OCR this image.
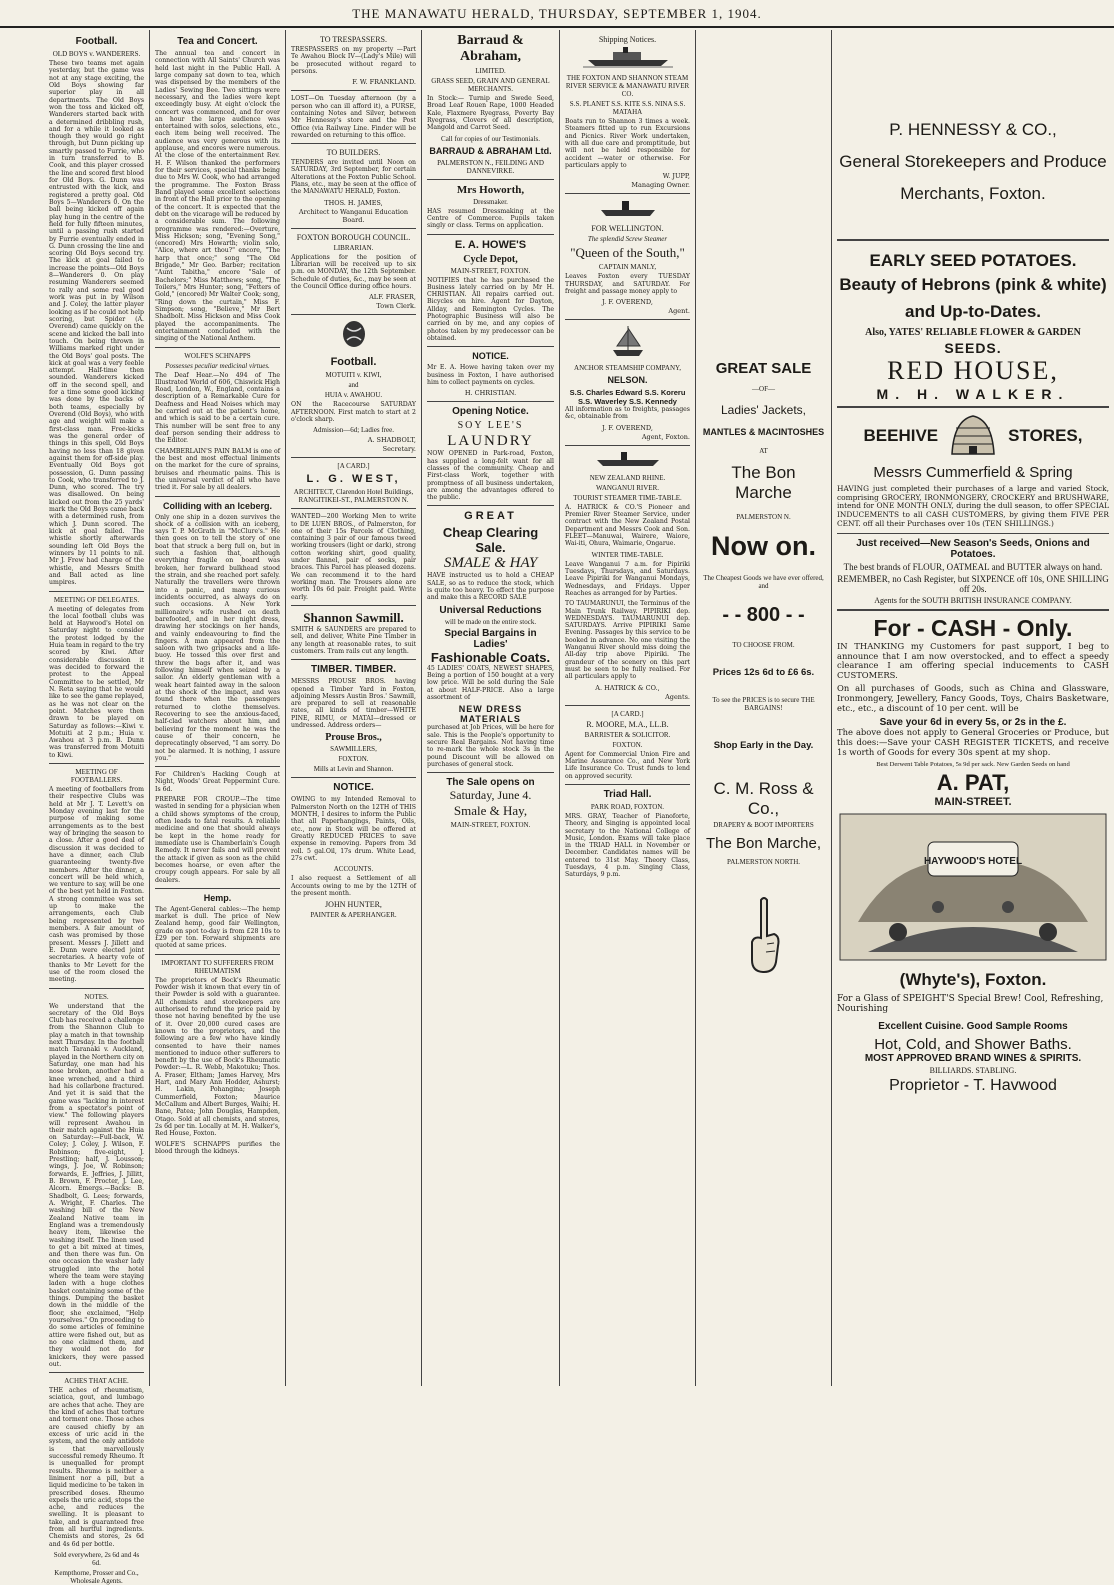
THE MANAWATU HERALD, THURSDAY, SEPTEMBER 1, 1904.
Football.
OLD BOYS v. WANDERERS.
These two teams met again yesterday, but the game was not at any stage exciting, the Old Boys showing far superior play in all departments. The Old Boys won the toss and kicked off, Wanderers started back with a determined dribbling rush, and for a while it looked as though they would go right through, but Dunn picking up smartly passed to Furrie, who in turn transferred to B. Cook, and this player crossed the line and scored first blood for Old Boys. G. Dunn was entrusted with the kick, and registered a pretty goal. Old Boys 5—Wanderers 0. On the ball being kicked off again play hung in the centre of the field for fully fifteen minutes, until a passing rush started by Furrie eventually ended in G. Dunn crossing the line and scoring Old Boys second try. The kick at goal failed to increase the points—Old Boys 8—Wanderers 0. On play resuming Wanderers seemed to rally and some real good work was put in by Wilson and J. Coley, the latter player looking as if he could not help scoring, but Spider (A. Overend) came quickly on the scene and kicked the ball into touch. On being thrown in Williams marked right under the Old Boys' goal posts. The kick at goal was a very feeble attempt. Half-time then sounded. Wanderers kicked off in the second spell, and for a time some good kicking was done by the backs of both teams, especially by Overend (Old Boys), who with age and weight will make a first-class man. Free-kicks was the general order of things in this spell, Old Boys having no less than 18 given against them for off-side play. Eventually Old Boys got possession, G. Dunn passing to Cook, who transferred to J. Dunn, who scored. The try was disallowed. On being kicked out from the 25 yards' mark the Old Boys came back with a determined rush, from which J. Dunn scored. The kick at goal failed. The whistle shortly afterwards sounding left Old Boys the winners by 11 points to nil. Mr J. Frew had charge of the whistle, and Messrs Smith and Ball acted as line umpires.
MEETING OF DELEGATES.
A meeting of delegates from the local football clubs was held at Haywood's Hotel on Saturday night to consider the protest lodged by the Huia team in regard to the try scored by Kiwi. After considerable discussion it was decided to forward the protest to the Appeal Committee to be settled, Mr N. Reta saying that he would like to see the game replayed, as he was not clear on the point. Matches were then drawn to be played on Saturday as follows:—Kiwi v. Motuiti at 2 p.m.; Huia v. Awahou at 3 p.m. B. Dunn was transferred from Motuiti to Kiwi.
MEETING OF FOOTBALLERS.
A meeting of footballers from their respective Clubs was held at Mr J. T. Levett's on Monday evening last for the purpose of making some arrangements as to the best way of bringing the season to a close. After a good deal of discussion it was decided to have a dinner, each Club guaranteeing twenty-five members. After the dinner, a concert will be held which, we venture to say, will be one of the best yet held in Foxton. A strong committee was set up to make the arrangements, each Club being represented by two members. A fair amount of cash was promised by those present. Messrs J. Jillett and E. Dunn were elected joint secretaries. A hearty vote of thanks to Mr Levett for the use of the room closed the meeting.
NOTES.
We understand that the secretary of the Old Boys Club has received a challenge from the Shannon Club to play a match in that township next Thursday. In the football match Taranaki v. Auckland, played in the Northern city on Saturday, one man had his nose broken, another had a knee wrenched, and a third had his collarbone fractured. And yet it is said that the game was "lacking in interest from a spectator's point of view." The following players will represent Awahou in their match against the Huia on Saturday:—Full-back, W. Coley; J. Coley, J. Wilson, F. Robinson; five-eight, J. Prestling; half, J. Lousson; wings, J. Joe, W. Robinson; forwards, E. Jeffries, J. Jillitt, B. Brown, F. Procter, J. Lee, Alcorn. Emergs.—Backs: B. Shadbolt, G. Lees; forwards, A. Wright, F. Charles. The washing bill of the New Zealand Native team in England was a tremendously heavy item, likewise the washing itself. The linen used to get a bit mixed at times, and then there was fun. On one occasion the washer lady struggled into the hotel where the team were staying laden with a huge clothes basket containing some of the things. Dumping the basket down in the middle of the floor, she exclaimed, "Help yourselves." On proceeding to do some articles of feminine attire were fished out, but as no one claimed them, and they would not do for knickers, they were passed out.
ACHES THAT ACHE.
THE aches of rheumatism, sciatica, gout, and lumbago are aches that ache. They are the kind of aches that torture and torment one. Those aches are caused chiefly by an excess of uric acid in the system, and the only antidote is that marvellously successful remedy Rheumo. It is unequalled for prompt results. Rheumo is neither a liniment nor a pill, but a liquid medicine to be taken in prescribed doses. Rheumo expels the uric acid, stops the ache, and reduces the swelling. It is pleasant to take, and is guaranteed free from all hurtful ingredients. Chemists and stores, 2s 6d and 4s 6d per bottle.
Sold everywhere, 2s 6d and 4s 6d.
Kempthorne, Prosser and Co., Wholesale Agents.
Tea and Concert.
The annual tea and concert in connection with All Saints' Church was held last night in the Public Hall. A large company sat down to tea, which was dispensed by the members of the Ladies' Sewing Bee. Two sittings were necessary, and the ladies were kept exceedingly busy. At eight o'clock the concert was commenced, and for over an hour the large audience was entertained with solos, selections, etc., each item being well received. The audience was very generous with its applause, and encores were numerous. At the close of the entertainment Rev. H. F. Wilson thanked the performers for their services, special thanks being due to Mrs W. Cook, who had arranged the programme. The Foxton Brass Band played some excellent selections in front of the Hall prior to the opening of the concert. It is expected that the debt on the vicarage will be reduced by a considerable sum. The following programme was rendered:—Overture, Miss Hickson; song, "Evening Song," (encored) Mrs Howarth; violin solo, "Alice, where art thou?" encore, "The harp that once;" song "The Old Brigade," Mr Geo. Barber; recitation "Aunt Tabitha," encore "Sale of Bachelors;" Miss Matthews; song, "The Toilers," Mrs Hunter; song, "Fetters of Gold," (encored) Mr Walter Cook; song, "Ring down the curtain," Miss F. Simpson; song, "Believe," Mr Bert Shadbolt. Miss Hickson and Miss Cook played the accompaniments. The entertainment concluded with the singing of the National Anthem.
WOLFE'S SCHNAPPS
Possesses peculiar medicinal virtues.
The Deaf Hear.—No 494 of The Illustrated World of 606, Chiswick High Road, London, W., England, contains a description of a Remarkable Cure for Deafness and Head Noises which may be carried out at the patient's home, and which is said to be a certain cure. This number will be sent free to any deaf person sending their address to the Editor.
CHAMBERLAIN'S PAIN BALM is one of the best and most effectual liniments on the market for the cure of sprains, bruises and rheumatic pains. This is the universal verdict of all who have tried it. For sale by all dealers.
Colliding with an Iceberg.
Only one ship in a dozen survives the shock of a collision with an iceberg, says T. P. McGrath in "McClure's." He then goes on to tell the story of one boat that struck a berg full on, but in such a fashion that, although everything fragile on board was broken, her forward bulkhead stood the strain, and she reached port safely. Naturally the travellers were thrown into a panic, and many curious incidents occurred, as always do on such occasions. A New York millionaire's wife rushed on death barefooted, and in her night dress, drawing her stockings on her hands, and vainly endeavouring to find the fingers. A man appeared from the saloon with two gripsacks and a life-buoy. He tossed this over first and threw the bags after it, and was following himself when seized by a sailor. An elderly gentleman with a weak heart fainted away in the saloon at the shock of the impact, and was found there when the passengers returned to clothe themselves. Recovering to see the anxious-faced, half-clad watchers about him, and believing for the moment he was the cause of their concern, he deprecatingly observed, "I am sorry. Do not be alarmed. It is nothing, I assure you."
For Children's Hacking Cough at Night, Woods' Great Peppermint Cure. Is 6d.
PREPARE FOR CROUP.—The time wasted in sending for a physician when a child shows symptoms of the croup, often leads to fatal results. A reliable medicine and one that should always be kept in the home ready for immediate use is Chamberlain's Cough Remedy. It never fails and will prevent the attack if given as soon as the child becomes hoarse, or even after the croupy cough appears. For sale by all dealers.
Hemp.
The Agent-General cables:—The hemp market is dull. The price of New Zealand hemp, good fair Wellington, grade on spot to-day is from £28 10s to £29 per ton. Forward shipments are quoted at same prices.
IMPORTANT TO SUFFERERS FROM RHEUMATISM
The proprietors of Bock's Rheumatic Powder wish it known that every tin of their Powder is sold with a guarantee. All chemists and storekeepers are authorised to refund the price paid by those not having benefited by the use of it. Over 20,000 cured cases are known to the proprietors, and the following are a few who have kindly consented to have their names mentioned to induce other sufferers to benefit by the use of Bock's Rheumatic Powder:—L. R. Webb, Makotuku; Thos. A. Fraser, Eltham; James Harvey, Mrs Hart, and Mary Ann Hodder, Ashurst; H. Lakin, Pohangina; Joseph Cummerfield, Foxton; Maurice McCallum and Albert Burges, Waihi; H. Bane, Patea; John Douglas, Hampden, Otago. Sold at all chemists, and stores, 2s 6d per tin. Locally at M. H. Walker's, Red House, Foxton.
WOLFE'S SCHNAPPS purifies the blood through the kidneys.
TO TRESPASSERS.
TRESPASSERS on my property —Part Te Awahou Block IV—(Lady's Mile) will be prosecuted without regard to persons.
F. W. FRANKLAND.
LOST—On Tuesday afternoon (by a person who can ill afford it), a PURSE, containing Notes and Silver, between Mr Hennessy's store and the Post Office (via Railway Line. Finder will be rewarded on returning to this office.
TO BUILDERS.
TENDERS are invited until Noon on SATURDAY, 3rd September, for certain Alterations at the Foxton Public School. Plans, etc., may be seen at the office of the MANAWATU HERALD, Foxton.
THOS. H. JAMES,
Architect to Wanganui Education Board.
FOXTON BOROUGH COUNCIL.
LIBRARIAN.
Applications for the position of Librarian will be received up to six p.m. on MONDAY, the 12th September. Schedule of duties, &c., may be seen at the Council Office during office hours.
ALF. FRASER,
Town Clerk.
Football.
MOTUITI v. KIWI,
and
HUIA v. AWAHOU.
ON the Racecourse SATURDAY AFTERNOON. First match to start at 2 o'clock sharp.
Admission—6d; Ladies free.
A. SHADBOLT,
Secretary.
[A CARD.]
L. G. WEST,
ARCHITECT, Clarendon Hotel Buildings, RANGITIKEI-ST., PALMERSTON N.
WANTED—200 Working Men to write to DE LUEN BROS., of Palmerston, for one of their 15s Parcels of Clothing, containing 3 pair of our famous tweed working trousers (light or dark), strong cotton working shirt, good quality, under flannel, pair of socks, pair braces. This Parcel has pleased dozens. We can recommend it to the hard working man. The Trousers alone are worth 10s 6d pair. Freight paid. Write early.
Shannon Sawmill.
SMITH & SAUNDERS are prepared to sell, and deliver, White Pine Timber in any length at reasonable rates, to suit customers. Tram rails cut any length.
TIMBER. TIMBER.
MESSRS PROUSE BROS. having opened a Timber Yard in Foxton, adjoining Messrs Austin Bros.' Sawmill, are prepared to sell at reasonable rates, all kinds of timber—WHITE PINE, RIMU, or MATAI—dressed or undressed. Address orders—
Prouse Bros.,
SAWMILLERS,
FOXTON.
Mills at Levin and Shannon.
NOTICE.
OWING to my Intended Removal to Palmerston North on the 12TH of THIS MONTH, I desires to inform the Public that all Paperhangings, Paints, Oils, etc., now in Stock will be offered at Greatly REDUCED PRICES to save expense in removing. Papers from 3d roll. 5 gal.Oil, 17s drum. White Lead, 27s cwt.
ACCOUNTS.
I also request a Settlement of all Accounts owing to me by the 12TH of the present month.
JOHN HUNTER,
PAINTER & APERHANGER.
Barraud & Abraham,
LIMITED.
GRASS SEED, GRAIN AND GENERAL MERCHANTS.
In Stock:— Turnip and Swede Seed, Broad Leaf Rouen Rape, 1000 Headed Kale, Flaxmere Ryegrass, Poverty Bay Ryegrass, Clovers of all description, Mangold and Carrot Seed.
Call for copies of our Testimonials.
BARRAUD & ABRAHAM Ltd.
PALMERSTON N., FEILDING AND DANNEVIRKE.
Mrs Howorth,
Dressmaker.
HAS resumed Dressmaking at the Centre of Commerce. Pupils taken singly or class. Terms on application.
E. A. HOWE'S
Cycle Depot,
MAIN-STREET, FOXTON.
NOTIFIES that he has purchased the Business lately carried on by Mr H. CHRISTIAN. All repairs carried out. Bicycles on hire. Agent for Dayton, Allday, and Remington Cycles. The Photographic Business will also be carried on by me, and any copies of photos taken by my predecessor can be obtained.
NOTICE.
Mr E. A. Howe having taken over my business in Foxton, I have authorised him to collect payments on cycles.
H. CHRISTIAN.
Opening Notice.
SOY LEE'S
LAUNDRY
NOW OPENED in Park-road, Foxton, has supplied a long-felt want for all classes of the community. Cheap and First-class Work, together with promptness of all business undertaken, are among the advantages offered to the public.
GREAT
Cheap Clearing Sale.
SMALE & HAY
HAVE instructed us to hold a CHEAP SALE, so as to reduce the stock, which is quite too heavy. To effect the purpose and make this a RECORD SALE
Universal Reductions
will be made on the entire stock.
Special Bargains in Ladies'
Fashionable Coats.
45 LADIES' COATS, NEWEST SHAPES, Being a portion of 150 bought at a very low price. Will be sold during the Sale at about HALF-PRICE. Also a large assortment of
NEW DRESS MATERIALS
purchased at Job Prices, will be here for sale. This is the People's opportunity to secure Real Bargains. Not having time to re-mark the whole stock 3s in the pound Discount will be allowed on purchases of general stock.
The Sale opens on
Saturday, June 4.
Smale & Hay,
MAIN-STREET, FOXTON.
Shipping Notices.
THE FOXTON AND SHANNON STEAM RIVER SERVICE & MANAWATU RIVER CO.
S.S. PLANET S.S. KITE S.S. NINA S.S. MATAHA
Boats run to Shannon 3 times a week. Steamers fitted up to run Excursions and Picnics. River Work undertaken, with all due care and promptitude, but will not be held responsible for accident —water or otherwise. For particulars apply to
W. JUPP,
Managing Owner.
FOR WELLINGTON.
The splendid Screw Steamer
"Queen of the South,"
CAPTAIN MANLY,
Leaves Foxton every TUESDAY THURSDAY, and SATURDAY. For freight and passage money apply to
J. F. OVEREND,
Agent.
ANCHOR STEAMSHIP COMPANY,
NELSON.
S.S. Charles Edward S.S. Koreru S.S. Waverley S.S. Kennedy
All information as to freights, passages &c, obtainable from
J. F. OVEREND,
Agent, Foxton.
NEW ZEALAND RHINE.
WANGANUI RIVER.
TOURIST STEAMER TIME-TABLE.
A. HATRICK & CO.'S Pioneer and Premier River Steamer Service, under contract with the New Zealand Postal Department and Messrs Cook and Son. FLEET—Manuwai, Wairere, Waiore, Wai-iti, Ohura, Waimarie, Ongarue.
WINTER TIME-TABLE.
Leave Wanganui 7 a.m. for Pipiriki Tuesdays, Thursdays, and Saturdays. Leave Pipiriki for Wanganui Mondays, Wednesdays, and Fridays. Upper Reaches as arranged for by Parties.
TO TAUMARUNUI, the Terminus of the Main Trunk Railway. PIPIRIKI dep. WEDNESDAYS. TAUMARUNUI dep. SATURDAYS. Arrive PIPIRIKI Same Evening. Passages by this service to be booked in advance. No one visiting the Wanganui River should miss doing the All-day trip above Pipiriki. The grandeur of the scenery on this part must be seen to be fully realised. For all particulars apply to
A. HATRICK & CO.,
Agents.
[A CARD.]
R. MOORE, M.A., LL.B.
BARRISTER & SOLICITOR.
FOXTON.
Agent for Commercial Union Fire and Marine Assurance Co., and New York Life Insurance Co. Trust funds to lend on approved security.
Triad Hall.
PARK ROAD, FOXTON.
MRS. GRAY, Teacher of Pianoforte, Theory, and Singing is appointed local secretary to the National College of Music, London. Exams will take place in the TRIAD HALL in November or December. Candidates names will be entered to 31st May. Theory Class, Tuesdays, 4 p.m. Singing Class, Saturdays, 9 p.m.
GREAT SALE
—OF—
Ladies' Jackets,
MANTLES & MACINTOSHES
AT
The Bon Marche
PALMERSTON N.
Now on.
The Cheapest Goods we have ever offered, and
- - 800 - -
TO CHOOSE FROM.
Prices 12s 6d to £6 6s.
To see the PRICES is to secure THE BARGAINS!
Shop Early in the Day.
C. M. Ross & Co.,
DRAPERY & BOOT IMPORTERS
The Bon Marche,
PALMERSTON NORTH.
P. HENNESSY & CO.,
General Storekeepers and Produce Merchants, Foxton.
EARLY SEED POTATOES.
Beauty of Hebrons (pink & white) and Up-to-Dates.
Also, YATES' RELIABLE FLOWER & GARDEN
SEEDS.
RED HOUSE,
M. H. WALKER.
BEEHIVE	STORES,
Messrs Cummerfield & Spring
HAVING just completed their purchases of a large and varied Stock, comprising GROCERY, IRONMONGERY, CROCKERY and BRUSHWARE, intend for ONE MONTH ONLY, during the dull season, to offer SPECIAL INDUCEMENTS to all CASH CUSTOMERS, by giving them FIVE PER CENT. off all their Purchases over 10s (TEN SHILLINGS.)
Just received—New Season's Seeds, Onions and Potatoes.
The best brands of FLOUR, OATMEAL and BUTTER always on hand.
REMEMBER, no Cash Register, but SIXPENCE off 10s, ONE SHILLING off 20s.
Agents for the SOUTH BRITISH INSURANCE COMPANY.
For - CASH - Only.
IN THANKING my Customers for past support, I beg to announce that I am now overstocked, and to effect a speedy clearance I am offering special inducements to CASH CUSTOMERS.
On all purchases of Goods, such as China and Glassware, Ironmongery, Jewellery, Fancy Goods, Toys, Chairs Basketware, etc., etc., a discount of 10 per cent. will be
Save your 6d in every 5s, or 2s in the £.
The above does not apply to General Groceries or Produce, but this does:—Save your CASH REGISTER TICKETS, and receive 1s worth of Goods for every 30s spent at my shop.
Best Derwent Table Potatoes, 5s 9d per sack. New Garden Seeds on hand
A. PAT,
MAIN-STREET.
HAYWOOD'S HOTEL
(Whyte's), Foxton.
For a Glass of SPEIGHT'S Special Brew! Cool, Refreshing, Nourishing
Excellent Cuisine. Good Sample Rooms
Hot, Cold, and Shower Baths.
MOST APPROVED BRAND WINES & SPIRITS.
BILLIARDS. STABLING.
Proprietor - T. Havwood
